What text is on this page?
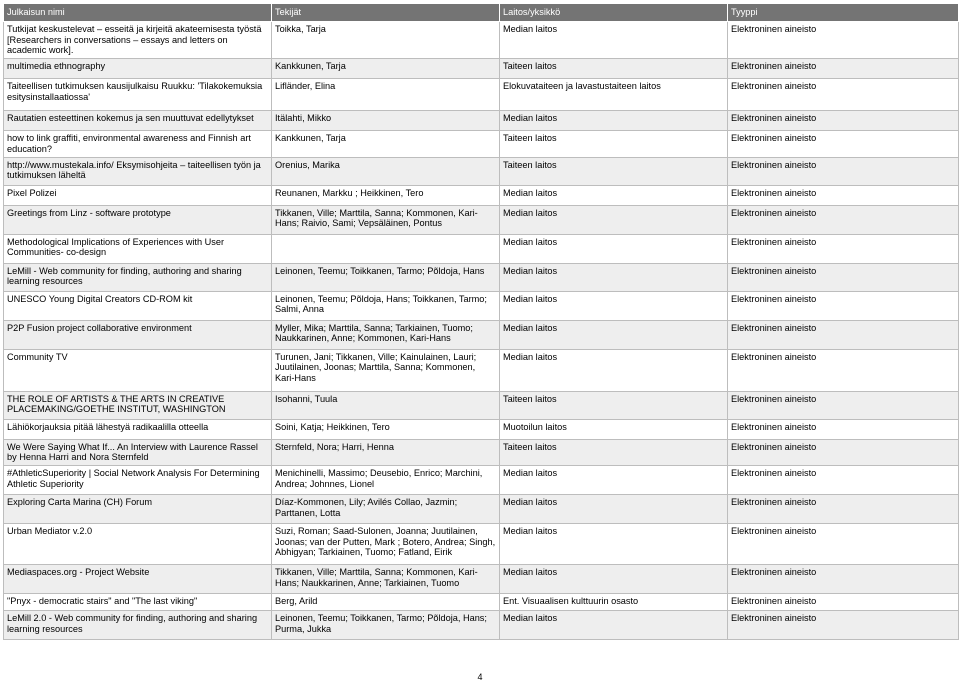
Julkaisun nimi	Tekijät	Laitos/yksikkö	Tyyppi
Tutkijat keskustelevat – esseitä ja kirjeitä akateemisesta työstä [Researchers in conversations – essays and letters on academic work].	Toikka, Tarja	Median laitos	Elektroninen aineisto
multimedia ethnography	Kankkunen, Tarja	Taiteen laitos	Elektroninen aineisto
Taiteellisen tutkimuksen kausijulkaisu Ruukku: 'Tilakokemuksia esitysinstallaatiossa'	Lifländer, Elina	Elokuvataiteen ja lavastustaiteen laitos	Elektroninen aineisto
Rautatien esteettinen kokemus ja sen muuttuvat edellytykset	Itälahti, Mikko	Median laitos	Elektroninen aineisto
how to link graffiti, environmental awareness and Finnish art education?	Kankkunen, Tarja	Taiteen laitos	Elektroninen aineisto
http://www.mustekala.info/ Eksymisohjeita – taiteellisen työn ja tutkimuksen läheltä	Orenius, Marika	Taiteen laitos	Elektroninen aineisto
Pixel Polizei	Reunanen, Markku ; Heikkinen, Tero	Median laitos	Elektroninen aineisto
Greetings from Linz - software prototype	Tikkanen, Ville; Marttila, Sanna; Kommonen, Kari-Hans; Raivio, Sami; Vepsäläinen, Pontus	Median laitos	Elektroninen aineisto
Methodological Implications of Experiences with User Communities- co-design		Median laitos	Elektroninen aineisto
LeMill - Web community for finding, authoring and sharing learning resources	Leinonen, Teemu; Toikkanen, Tarmo; Põldoja, Hans	Median laitos	Elektroninen aineisto
UNESCO Young Digital Creators CD-ROM kit	Leinonen, Teemu; Põldoja, Hans; Toikkanen, Tarmo; Salmi, Anna	Median laitos	Elektroninen aineisto
P2P Fusion project collaborative environment	Myller, Mika; Marttila, Sanna; Tarkiainen, Tuomo; Naukkarinen, Anne; Kommonen, Kari-Hans	Median laitos	Elektroninen aineisto
Community TV	Turunen, Jani; Tikkanen, Ville; Kainulainen, Lauri; Juutilainen, Joonas; Marttila, Sanna; Kommonen, Kari-Hans	Median laitos	Elektroninen aineisto
THE ROLE OF ARTISTS & THE ARTS IN CREATIVE PLACEMAKING/GOETHE INSTITUT, WASHINGTON	Isohanni, Tuula	Taiteen laitos	Elektroninen aineisto
Lähiökorjauksia pitää lähestyä radikaalilla otteella	Soini, Katja; Heikkinen, Tero	Muotoilun laitos	Elektroninen aineisto
We Were Saying What If... An Interview with Laurence Rassel by Henna Harri and Nora Sternfeld	Sternfeld, Nora; Harri, Henna	Taiteen laitos	Elektroninen aineisto
#AthleticSuperiority | Social Network Analysis For Determining Athletic Superiority	Menichinelli, Massimo; Deusebio, Enrico; Marchini, Andrea; Johnnes, Lionel	Median laitos	Elektroninen aineisto
Exploring Carta Marina (CH) Forum	Díaz-Kommonen, Lily; Avilés Collao, Jazmin; Parttanen, Lotta	Median laitos	Elektroninen aineisto
Urban Mediator v.2.0	Suzi, Roman; Saad-Sulonen, Joanna; Juutilainen, Joonas; van der Putten, Mark ; Botero, Andrea; Singh, Abhigyan; Tarkiainen, Tuomo; Fatland, Eirik	Median laitos	Elektroninen aineisto
Mediaspaces.org - Project Website	Tikkanen, Ville; Marttila, Sanna; Kommonen, Kari-Hans; Naukkarinen, Anne; Tarkiainen, Tuomo	Median laitos	Elektroninen aineisto
"Pnyx - democratic stairs" and "The last viking"	Berg, Arild	Ent. Visuaalisen kulttuurin osasto	Elektroninen aineisto
LeMill 2.0 - Web community for finding, authoring and sharing learning resources	Leinonen, Teemu; Toikkanen, Tarmo; Põldoja, Hans; Purma, Jukka	Median laitos	Elektroninen aineisto
4
